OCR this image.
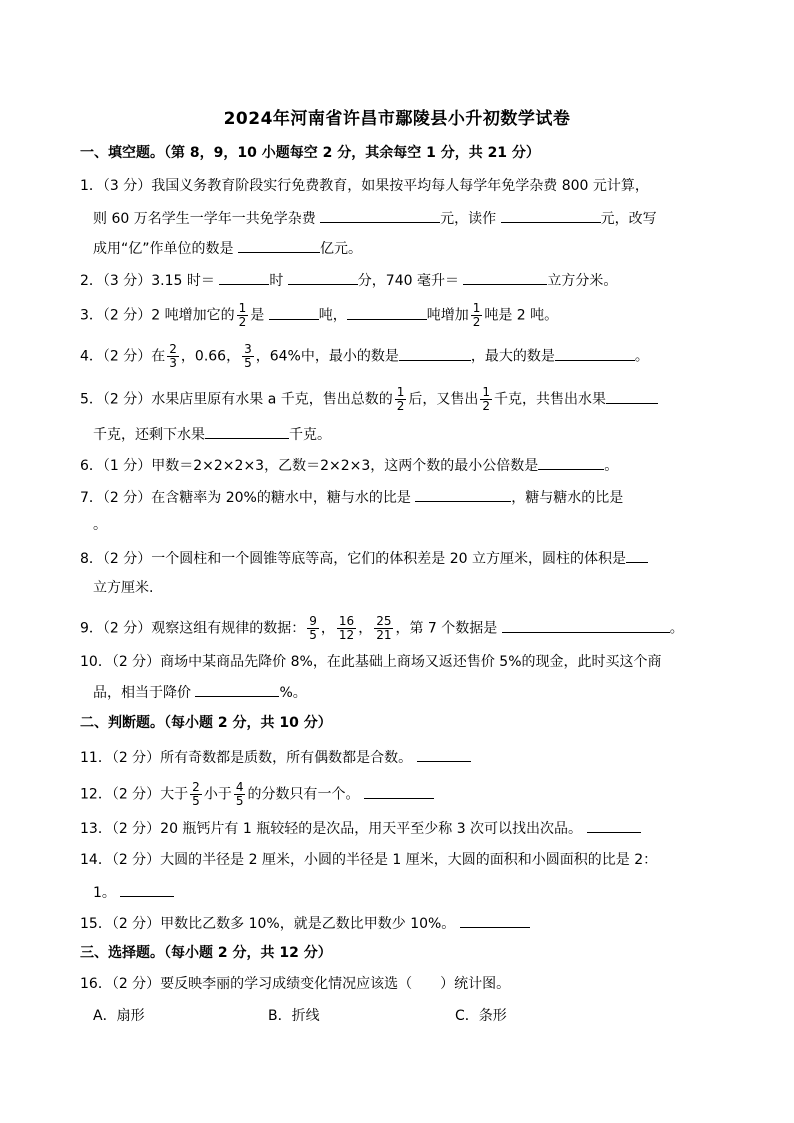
2024年河南省许昌市鄢陵县小升初数学试卷
一、填空题。（第 8，9，10 小题每空 2 分，其余每空 1 分，共 21 分）
1．（3 分）我国义务教育阶段实行免费教育，如果按平均每人每学年免学杂费 800 元计算，
则 60 万名学生一学年一共免学杂费	元，读作	元，改写
成用“亿”作单位的数是	亿元。
2．（3 分）3.15 时＝	时	分，740 毫升＝	立方分米。
3．（2 分）2 吨增加它的 $\frac{1}{2}$ 是	吨，	吨增加 $\frac{1}{2}$ 吨是 2 吨。
4．（2 分）在 $\frac{2}{3}$ ，0.66， $\frac{3}{5}$ ，64%中，最小的数是	，最大的数是	。
5．（2 分）水果店里原有水果 a 千克，售出总数的 $\frac{1}{2}$ 后，又售出 $\frac{1}{2}$ 千克，共售出水果
千克，还剩下水果	千克。
6．（1 分）甲数＝2×2×2×3，乙数＝2×2×3，这两个数的最小公倍数是	。
7．（2 分）在含糖率为 20%的糖水中，糖与水的比是	，糖与糖水的比是
。
8．（2 分）一个圆柱和一个圆锥等底等高，它们的体积差是 20 立方厘米，圆柱的体积是
立方厘米.
9．（2 分）观察这组有规律的数据： $\frac{9}{5}$ ， $\frac{16}{12}$ ， $\frac{25}{21}$ ，第 7 个数据是	。
10．（2 分）商场中某商品先降价 8%，在此基础上商场又返还售价 5%的现金，此时买这个商
品，相当于降价	%。
二、判断题。（每小题 2 分，共 10 分）
11．（2 分）所有奇数都是质数，所有偶数都是合数。
12．（2 分）大于 $\frac{2}{5}$ 小于 $\frac{4}{5}$ 的分数只有一个。
13．（2 分）20 瓶钙片有 1 瓶较轻的是次品，用天平至少称 3 次可以找出次品。
14．（2 分）大圆的半径是 2 厘米，小圆的半径是 1 厘米，大圆的面积和小圆面积的比是 2：
1。
15．（2 分）甲数比乙数多 10%，就是乙数比甲数少 10%。
三、选择题。（每小题 2 分，共 12 分）
16．（2 分）要反映李丽的学习成绩变化情况应该选（　　）统计图。
A．扇形	B．折线	C．条形
